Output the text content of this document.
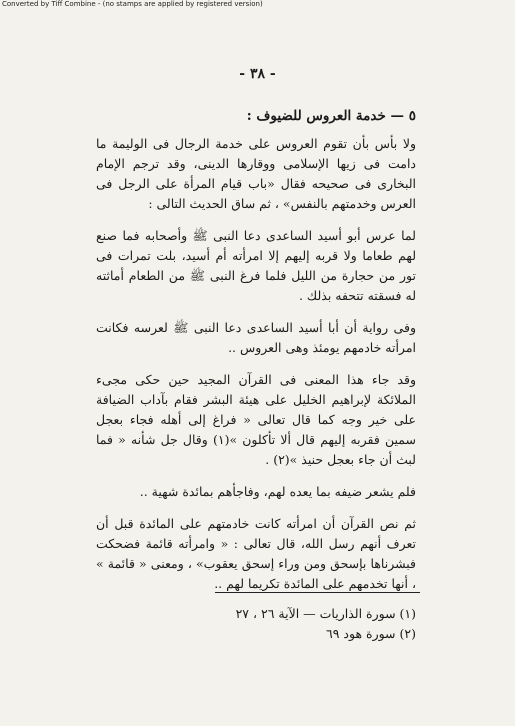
Converted by Tiff Combine - (no stamps are applied by registered version)
- ٣٨ -
٥ — خدمة العروس للضيوف :

ولا بأس بأن تقوم العروس على خدمة الرجال فى الوليمة ما دامت فى زيها الإسلامى ووقارها الدينى، وقد ترجم الإمام البخارى فى صحيحه فقال «باب قيام المرأة على الرجل فى العرس وخدمتهم بالنفس» ، ثم ساق الحديث التالى :

لما عرس أبو أسيد الساعدى دعا النبى ﷺ وأصحابه فما صنع لهم طعاما ولا قربه إليهم إلا امرأته أم أسيد، بلت تمرات فى تور من حجارة من الليل فلما فرغ النبى ﷺ من الطعام أماثته له فسقته تتحفه بذلك .

وفى رواية أن أبا أسيد الساعدى دعا النبى ﷺ لعرسه فكانت امرأته خادمهم يومئذ وهى العروس ..

وقد جاء هذا المعنى فى القرآن المجيد حين حكى مجىء الملائكة لإبراهيم الخليل على هيئة البشر فقام بآداب الضيافة على خير وجه كما قال تعالى « فراغ إلى أهله فجاء بعجل سمين فقربه إليهم قال ألا تأكلون »(١) وقال جل شأنه « فما لبث أن جاء بعجل حنيذ »(٢) .

فلم يشعر ضيفه بما يعده لهم، وفاجأهم بمائدة شهية ..

ثم نص القرآن أن امرأته كانت خادمتهم على المائدة قبل أن تعرف أنهم رسل الله، قال تعالى : « وامرأته قائمة فضحكت فبشرناها بإسحق ومن وراء إسحق يعقوب» ، ومعنى « قائمة » ، أنها تخدمهم على المائدة تكريما لهم ..

(١) سورة الذاريات — الآية ٢٦ ، ٢٧

(٢) سورة هود ٦٩
